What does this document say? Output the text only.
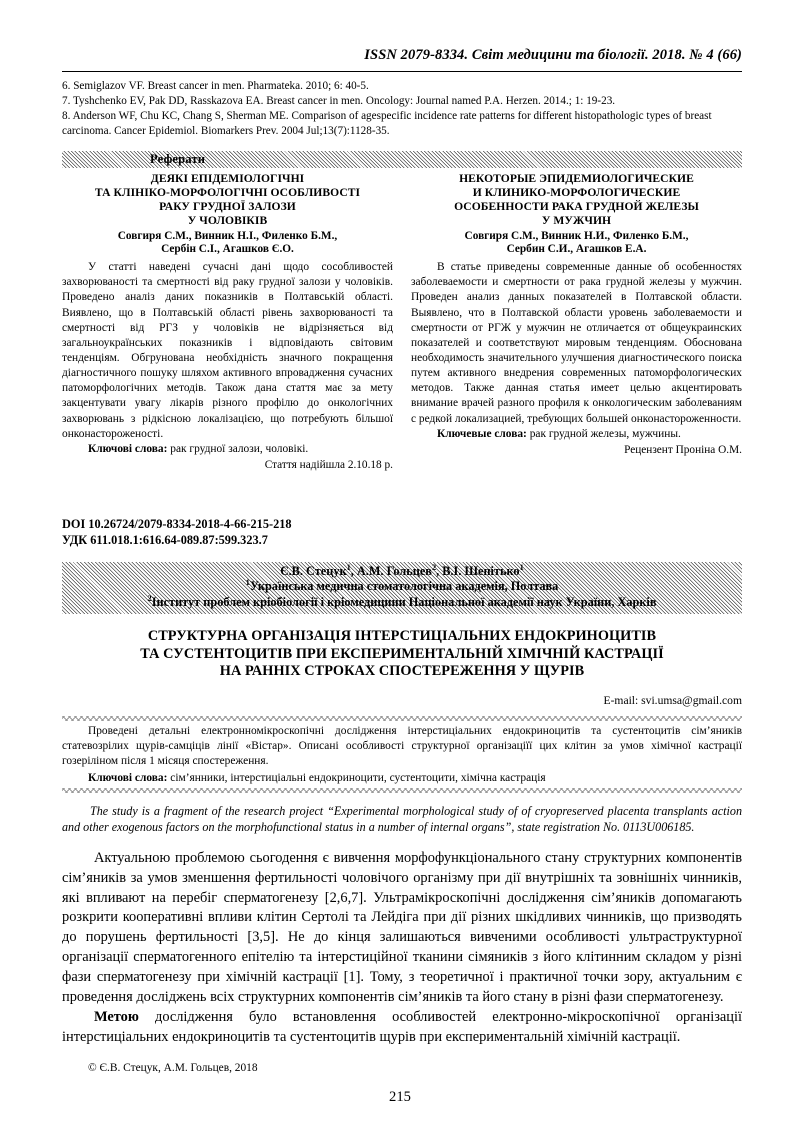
ISSN 2079-8334. Світ медицини та біології. 2018. № 4 (66)

6. Semiglazov VF. Breast cancer in men. Pharmateka. 2010; 6: 40-5.

7. Tyshchenko EV, Pak DD, Rasskazova EA. Breast cancer in men. Oncology: Journal named P.A. Herzen. 2014.; 1: 19-23.

8. Anderson WF, Chu KC, Chang S, Sherman ME. Comparison of agespecific incidence rate patterns for different histopathologic types of breast carcinoma. Cancer Epidemiol. Biomarkers Prev. 2004 Jul;13(7):1128-35.

Реферати
ДЕЯКІ ЕПІДЕМІОЛОГІЧНІ
ТА КЛІНІКО-МОРФОЛОГІЧНІ ОСОБЛИВОСТІ
РАКУ ГРУДНОЇ ЗАЛОЗИ
У ЧОЛОВІКІВ
Совгиря С.М., Винник Н.І., Филенко Б.М.,
Сербін С.І., Агашков Є.О.
У статті наведені сучасні дані щодо сособливостей захворюваності та смертності від раку грудної залози у чоловіків. Проведено аналіз даних показників в Полтавській області. Виявлено, що в Полтавській області рівень захворюваності та смертності від РГЗ у чоловіків не відрізняється від загальноукраїнських показників і відповідають світовим тенденціям. Обгрунована необхідність значного покращення діагностичного пошуку шляхом активного впровадження сучасних патоморфологічних методів. Також дана стаття має за мету закцентувати увагу лікарів різного профілю до онкологічних захворювань з рідкісною локалізацією, що потребують більшої онконастороженості.
Ключові слова: рак грудної залози, чоловікі.
Стаття надійшла 2.10.18 р.
НЕКОТОРЫЕ ЭПИДЕМИОЛОГИЧЕСКИЕ
И КЛИНИКО-МОРФОЛОГИЧЕСКИЕ
ОСОБЕННОСТИ РАКА ГРУДНОЙ ЖЕЛЕЗЫ
У МУЖЧИН
Совгиря С.М., Винник Н.И., Филенко Б.М.,
Сербин С.И., Агашков Е.А.
В статье приведены современные данные об особенностях заболеваемости и смертности от рака грудной железы у мужчин. Проведен анализ данных показателей в Полтавской области. Выявлено, что в Полтавской области уровень заболеваемости и смертности от РГЖ у мужчин не отличается от общеукраинских показателей и соответствуют мировым тенденциям. Обоснована необходимость значительного улучшения диагностического поиска путем активного внедрения современных патоморфологических методов. Также данная статья имеет целью акцентировать внимание врачей разного профиля к онкологическим заболеваниям с редкой локализацией, требующих большей онконастороженности.
Ключевые слова: рак грудной железы, мужчины.
Рецензент Проніна О.М.
DOI 10.26724/2079-8334-2018-4-66-215-218
УДК 611.018.1:616.64-089.87:599.323.7
Є.В. Стецук$^1$, А.М. Гольцев$^2$, В.І. Шепітько$^1$
$^1$Українська медична стоматологічна академія, Полтава
$^2$Інститут проблем кріобіології і кріомедицини Національної академії наук України, Харків
СТРУКТУРНА ОРГАНІЗАЦІЯ ІНТЕРСТИЦІАЛЬНИХ ЕНДОКРИНОЦИТІВ
ТА СУСТЕНТОЦИТІВ ПРИ ЕКСПЕРИМЕНТАЛЬНІЙ ХІМІЧНІЙ КАСТРАЦІЇ
НА РАННІХ СТРОКАХ СПОСТЕРЕЖЕННЯ У ЩУРІВ
E-mail: svi.umsa@gmail.com
Проведені детальні електронномікроскопічні дослідження інтерстиціальних ендокриноцитів та сустентоцитів сім’яників статевозрілих щурів-самціців лінії «Вістар». Описані особливості структурної організаціїї цих клітин за умов хімічної кастрації гозеріліном після 1 місяця спостереження.
Ключові слова: сім’янники, інтерстиціальні ендокриноцити, сустентоцити, хімічна кастрація
The study is a fragment of the research project “Experimental morphological study of of cryopreserved placenta transplants action and other exogenous factors on the morphofunctional status in a number of internal organs”, state registration No. 0113U006185.
Актуальною проблемою сьогодення є вивчення морфофункціонального стану структурних компонентів сім’яників за умов зменшення фертильності чоловічого організму при дії внутрішніх та зовнішніх чинників, які впливают на перебіг сперматогенезу [2,6,7]. Ультрамікроскопічні дослідження сім’яників допомагають розкрити кооперативні впливи клітин Сертолі та Лейдіга при дії різних шкідливих чинників, що призводять до порушень фертильності [3,5]. Не до кінця залишаються вивченими особливості ультраструктурної організації сперматогенного епітелію та інтерстиційної тканини сімяників з його клітинним складом у різні фази сперматогенезу при хімічній кастрації [1]. Тому, з теоретичної і практичної точки зору, актуальним є проведення досліджень всіх структурних компонентів сім’яників та його стану в різні фази сперматогенезу.
Метою дослідження було встановлення особливостей електронно-мікроскопічної організації інтерстиціальних ендокриноцитів та сустентоцитів щурів при експериментальній хімічній кастрації.
© Є.В. Стецук, А.М. Гольцев, 2018
215
